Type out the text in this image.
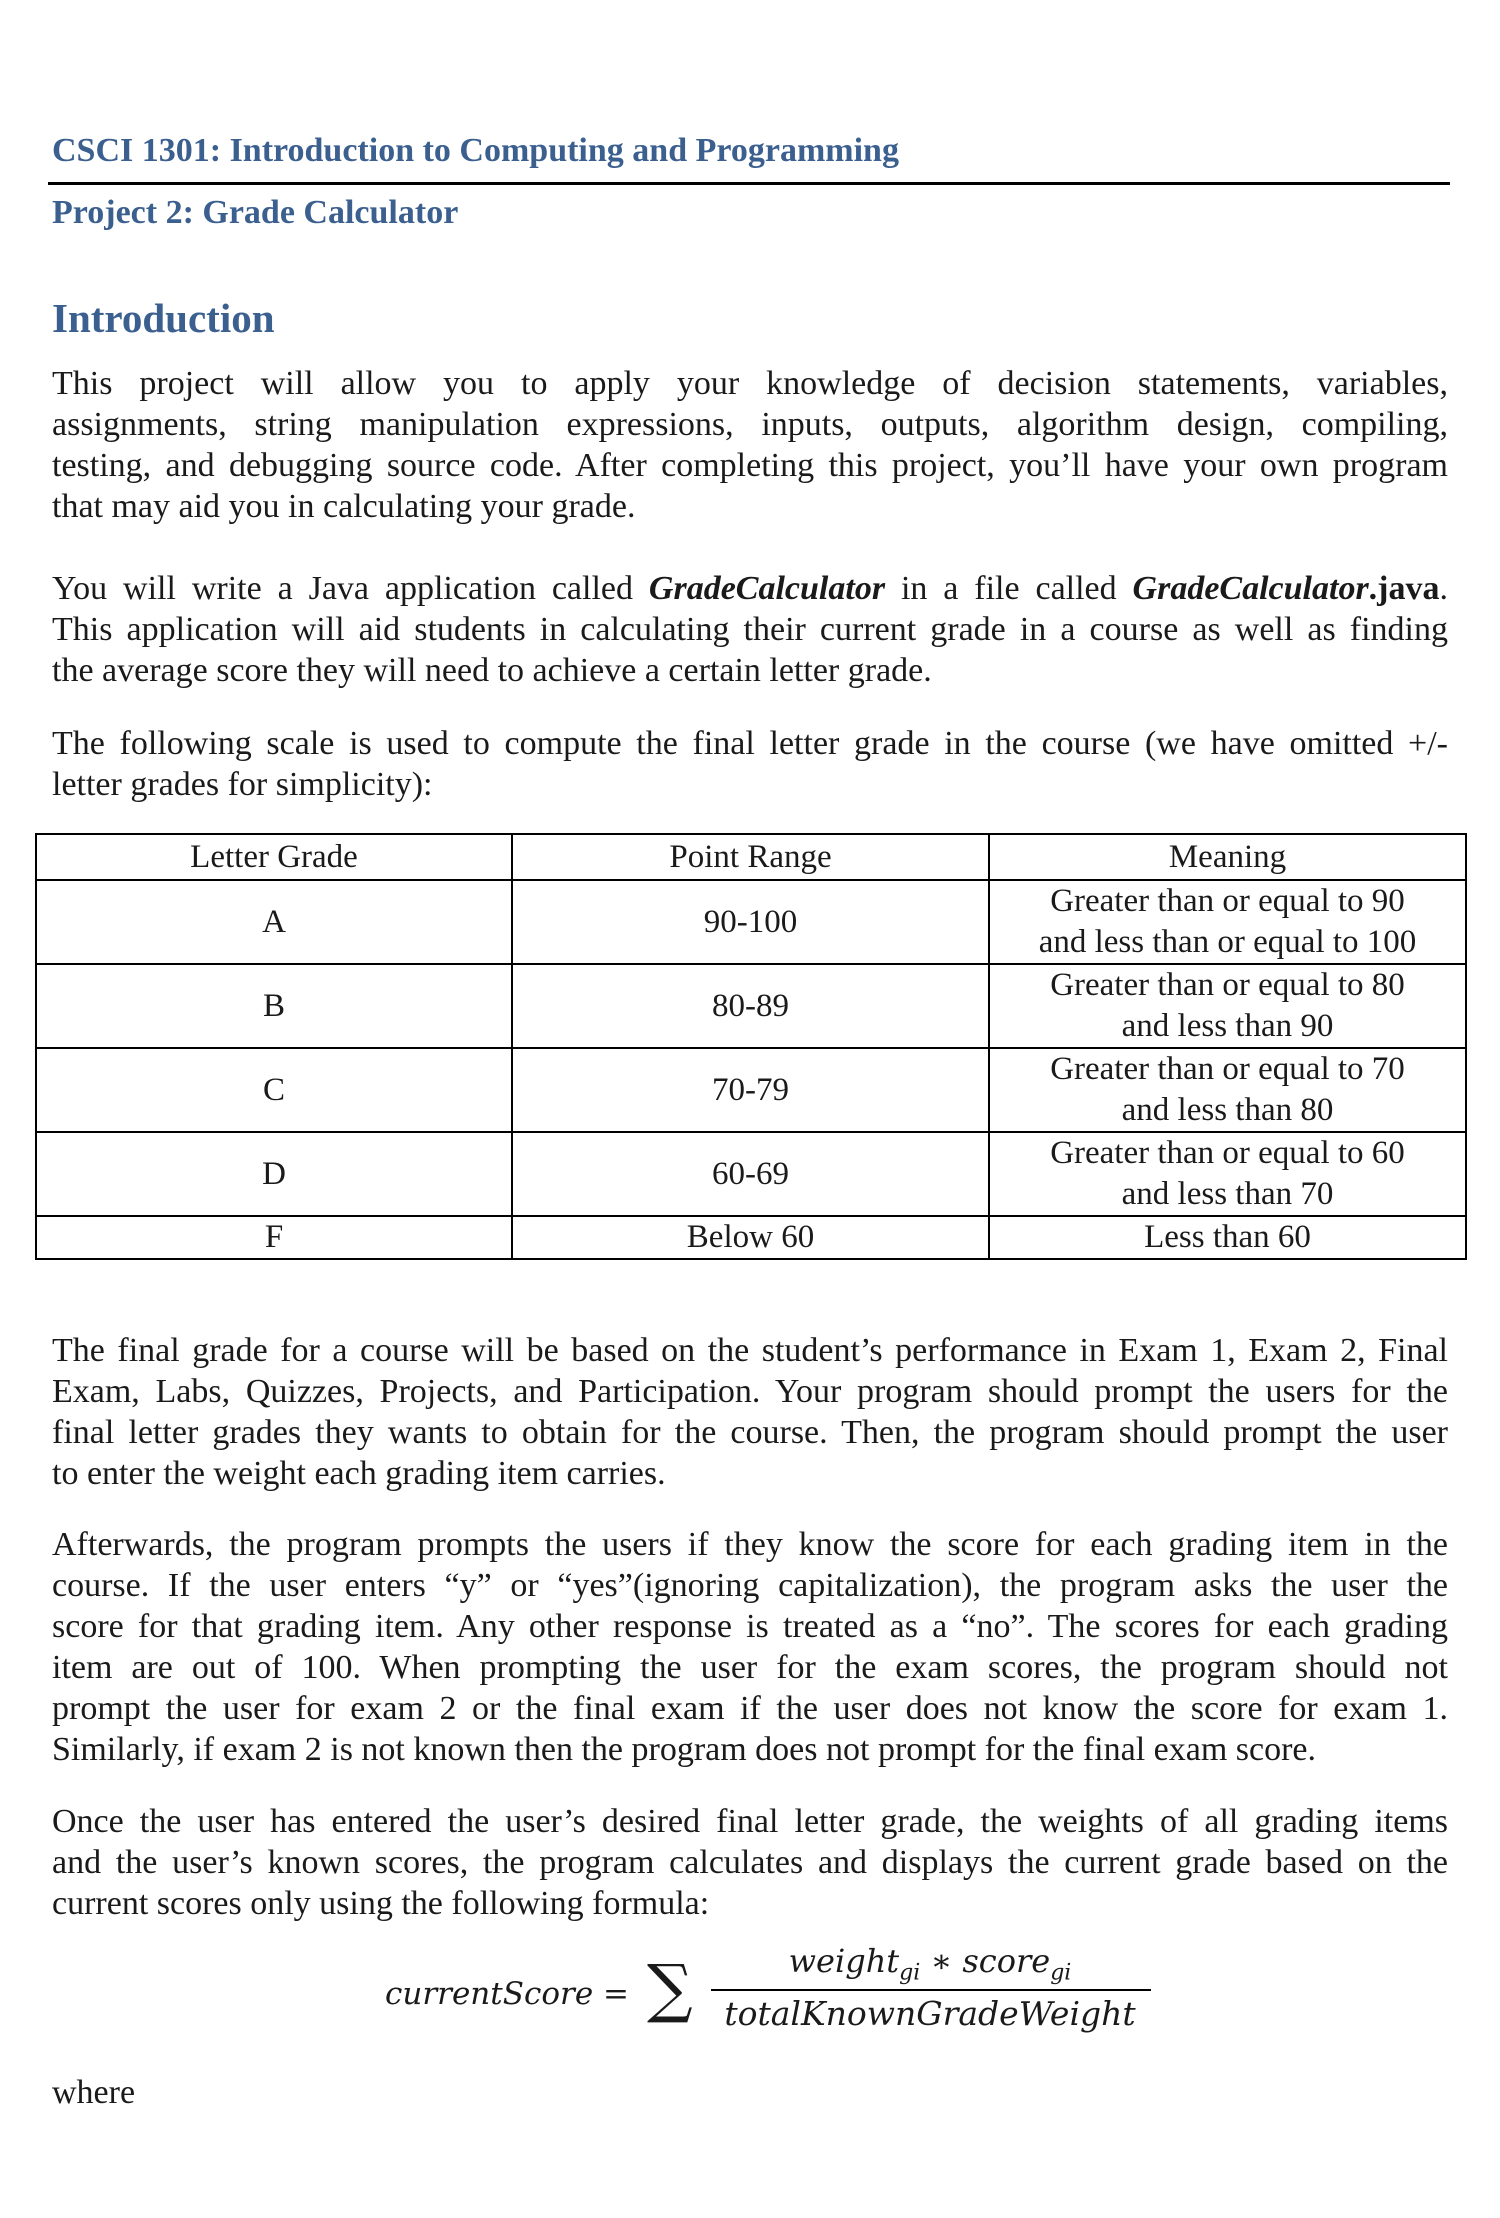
CSCI 1301: Introduction to Computing and Programming
Project 2: Grade Calculator
Introduction
This project will allow you to apply your knowledge of decision statements, variables,
assignments, string manipulation expressions, inputs, outputs, algorithm design, compiling,
testing, and debugging source code. After completing this project, you’ll have your own program
that may aid you in calculating your grade.
You will write a Java application called GradeCalculator in a file called GradeCalculator.java.
This application will aid students in calculating their current grade in a course as well as finding
the average score they will need to achieve a certain letter grade.
The following scale is used to compute the final letter grade in the course (we have omitted +/-
letter grades for simplicity):
Letter Grade	Point Range	Meaning
A	90-100	Greater than or equal to 90
and less than or equal to 100
B	80-89	Greater than or equal to 80
and less than 90
C	70-79	Greater than or equal to 70
and less than 80
D	60-69	Greater than or equal to 60
and less than 70
F	Below 60	Less than 60
The final grade for a course will be based on the student’s performance in Exam 1, Exam 2, Final
Exam, Labs, Quizzes, Projects, and Participation. Your program should prompt the users for the
final letter grades they wants to obtain for the course. Then, the program should prompt the user
to enter the weight each grading item carries.
Afterwards, the program prompts the users if they know the score for each grading item in the
course. If the user enters “y” or “yes”(ignoring capitalization), the program asks the user the
score for that grading item. Any other response is treated as a “no”. The scores for each grading
item are out of 100. When prompting the user for the exam scores, the program should not
prompt the user for exam 2 or the final exam if the user does not know the score for exam 1.
Similarly, if exam 2 is not known then the program does not prompt for the final exam score.
Once the user has entered the user’s desired final letter grade, the weights of all grading items
and the user’s known scores, the program calculates and displays the current grade based on the
current scores only using the following formula:
currentScore = ∑	weight$_{gi}$ ∗ score$_{gi}$
totalKnownGradeWeight
where
